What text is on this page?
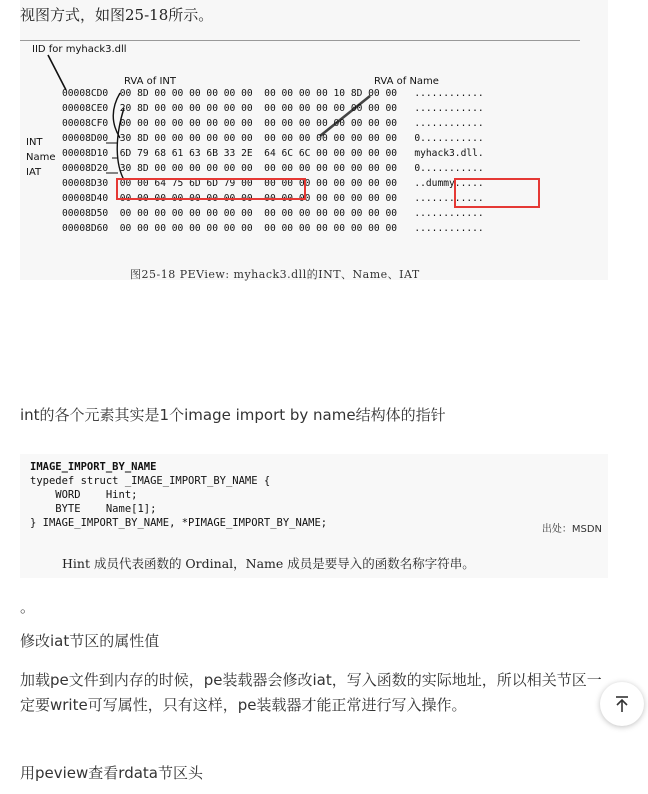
视图方式，如图25-18所示。
IID for myhack3.dll
RVA of INT	RVA of Name
INT
Name
IAT
00008CD0 00 8D 00 00 00 00 00 00  00 00 00 00 10 8D 00 00 ............
00008CE0 20 8D 00 00 00 00 00 00  00 00 00 00 00 00 00 00 ............
00008CF0 00 00 00 00 00 00 00 00  00 00 00 00 00 00 00 00 ............
00008D00 30 8D 00 00 00 00 00 00  00 00 00 00 00 00 00 00 0...........
00008D10 6D 79 68 61 63 6B 33 2E  64 6C 6C 00 00 00 00 00 myhack3.dll.
00008D20 30 8D 00 00 00 00 00 00  00 00 00 00 00 00 00 00 0...........
00008D30 00 00 64 75 6D 6D 79 00  00 00 00 00 00 00 00 00 ..dummy.....
00008D40 00 00 00 00 00 00 00 00  00 00 00 00 00 00 00 00 ............
00008D50 00 00 00 00 00 00 00 00  00 00 00 00 00 00 00 00 ............
00008D60 00 00 00 00 00 00 00 00  00 00 00 00 00 00 00 00 ............
图25-18 PEView: myhack3.dll的INT、Name、IAT
int的各个元素其实是1个image import by name结构体的指针
IMAGE_IMPORT_BY_NAME
typedef struct _IMAGE_IMPORT_BY_NAME {
WORD    Hint;
BYTE    Name[1];
} IMAGE_IMPORT_BY_NAME, *PIMAGE_IMPORT_BY_NAME;
出处：MSDN
Hint 成员代表函数的 Ordinal，Name 成员是要导入的函数名称字符串。
。
修改iat节区的属性值
加载pe文件到内存的时候，pe装载器会修改iat，写入函数的实际地址，所以相关节区一定要write可写属性，只有这样，pe装载器才能正常进行写入操作。
用peview查看rdata节区头
